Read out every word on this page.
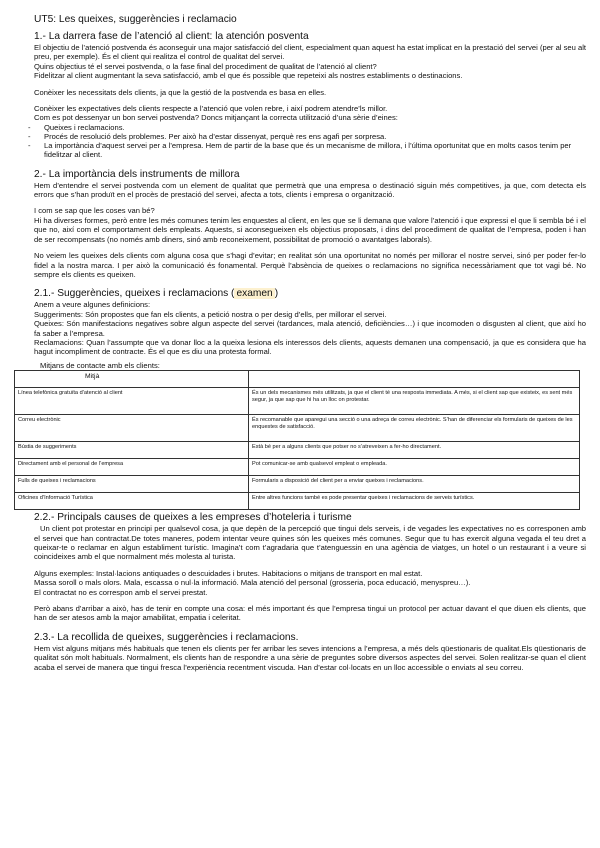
UT5: Les queixes, suggerències i reclamacio
1.- La darrera fase de l’atenció al client: la atención posventa
El objectiu de l’atenció postvenda és aconseguir una major satisfacció del client, especialment quan aquest ha estat implicat en la prestació del servei (per al seu alt preu, per exemple). És el client qui realitza el control de qualitat del servei.
Quins objectius té el servei postvenda, o la fase final del procediment de qualitat de l’atenció al client?
Fidelitzar al client augmentant la seva satisfacció, amb el que és possible que repeteixi als nostres establiments o destinacions.
Conèixer les necessitats dels clients, ja que la gestió de la postvenda es basa en elles.
Conèixer les expectatives dels clients respecte a l’atenció que volen rebre, i així podrem atendre’ls millor.
Com es pot dessenyar un bon servei postvenda? Doncs mitjançant la correcta utilització d’una sèrie d’eines:
- Queixes i reclamacions.
- Procés de resolució dels problemes. Per això ha d’estar dissenyat, perquè res ens agafi per sorpresa.
- La importància d’aquest servei per a l’empresa. Hem de partir de la base que és un mecanisme de millora, i l’última oportunitat que en molts casos tenim per fidelitzar al client.
2.- La importància dels instruments de millora
Hem d’entendre el servei postvenda com un element de qualitat que permetrà que una empresa o destinació siguin més competitives, ja que, com detecta els errors que s’han produït en el procès de prestació del servei, afecta a tots, clients i empresa o organització.
I com se sap que les coses van bé?
Hi ha diverses formes, però entre les més comunes tenim les enquestes al client, en les que se li demana que valore l’atenció i que expressi el que li sembla bé i el que no, així com el comportament dels empleats. Aquests, si aconsegueixen els objectius proposats, i dins del procediment de qualitat de l’empresa, poden i han de ser recompensats (no només amb diners, sinó amb reconeixement, possibilitat de promoció o avantatges laborals).
No veiem les queixes dels clients com alguna cosa que s’hagi d’evitar; en realitat són una oportunitat no només per millorar el nostre servei, sinó per poder fer-lo fidel a la nostra marca. I per això la comunicació és fonamental. Perquè l’absència de queixes o reclamacions no significa necessàriament que tot vagi bé. No sempre els clients es queixen.
2.1.- Suggerències, queixes i reclamacions ( examen )
Anem a veure algunes definicions:
Suggeriments: Són propostes que fan els clients, a petició nostra o per desig d’ells, per millorar el servei.
Queixes: Són manifestacions negatives sobre algun aspecte del servei (tardances, mala atenció, deficiències…) i que incomoden o disgusten al client, que així ho fa saber a l’empresa.
Reclamacions: Quan l’assumpte que va donar lloc a la queixa lesiona els interessos dels clients, aquests demanen una compensació, ja que es considera que ha hagut incompliment de contracte. És el que es diu una protesta formal.
Mitjans de contacte amb els clients:
Mitjà	
Línea telefònica gratuïta d’atenció al client	És un dels mecanismes més utilitzats, ja que el client té una resposta immediata. A més, si el client sap que existeix, es sent més segur, ja que sap que hi ha un lloc on protestar.
Correu electrònic	És recomanable que aparegui una secció o una adreça de correu electrònic. S’han de diferenciar els formularis de queixes de les enquestes de satisfacció.
Bústia de suggeriments	Està bé per a alguns clients que potser no s’atreveixen a fer-ho directament.
Directament amb el personal de l’empresa	Pot comunicar-se amb qualsevol empleat o empleada.
Fulls de queixes i reclamacions	Formularis a disposició del client per a enviar queixes i reclamacions.
Oficines d’Informació Turística	Entre altres funcions també es pode presentar queixes i reclamacions de serveis turístics.
2.2.- Principals causes de queixes a les empreses d’hoteleria i turisme
Un client pot protestar en principi per qualsevol cosa, ja que depèn de la percepció que tingui dels serveis, i de vegades les expectatives no es corresponen amb el servei que han contractat.De totes maneres, podem intentar veure quines són les queixes més comunes. Segur que tu has exercit alguna vegada el teu dret a queixar-te o reclamar en algun establiment turístic. Imagina’t com t’agradaria que t’atenguessin en una agència de viatges, un hotel o un restaurant i a veure si coincideixes amb el que normalment més molesta al turista.
Alguns exemples: Instal·lacions antiquades o descuidades i brutes. Habitacions o mitjans de transport en mal estat.
Massa soroll o mals olors. Mala, escassa o nul·la informació. Mala atenció del personal (grosseria, poca educació, menyspreu…).
El contractat no es correspon amb el servei prestat.
Però abans d’arribar a això, has de tenir en compte una cosa: el més important és que l’empresa tingui un protocol per actuar davant el que diuen els clients, que han de ser atesos amb la major amabilitat, empatia i celeritat.
2.3.- La recollida de queixes, suggerències i reclamacions.
Hem vist alguns mitjans més habituals que tenen els clients per fer arribar les seves intencions a l’empresa, a més dels qüestionaris de qualitat.Els qüestionaris de qualitat són molt habituals. Normalment, els clients han de respondre a una sèrie de preguntes sobre diversos aspectes del servei. Solen realitzar-se quan el client acaba el servei de manera que tingui fresca l’experiència recentment viscuda. Han d’estar col·locats en un lloc accessible o enviats al seu correu.
